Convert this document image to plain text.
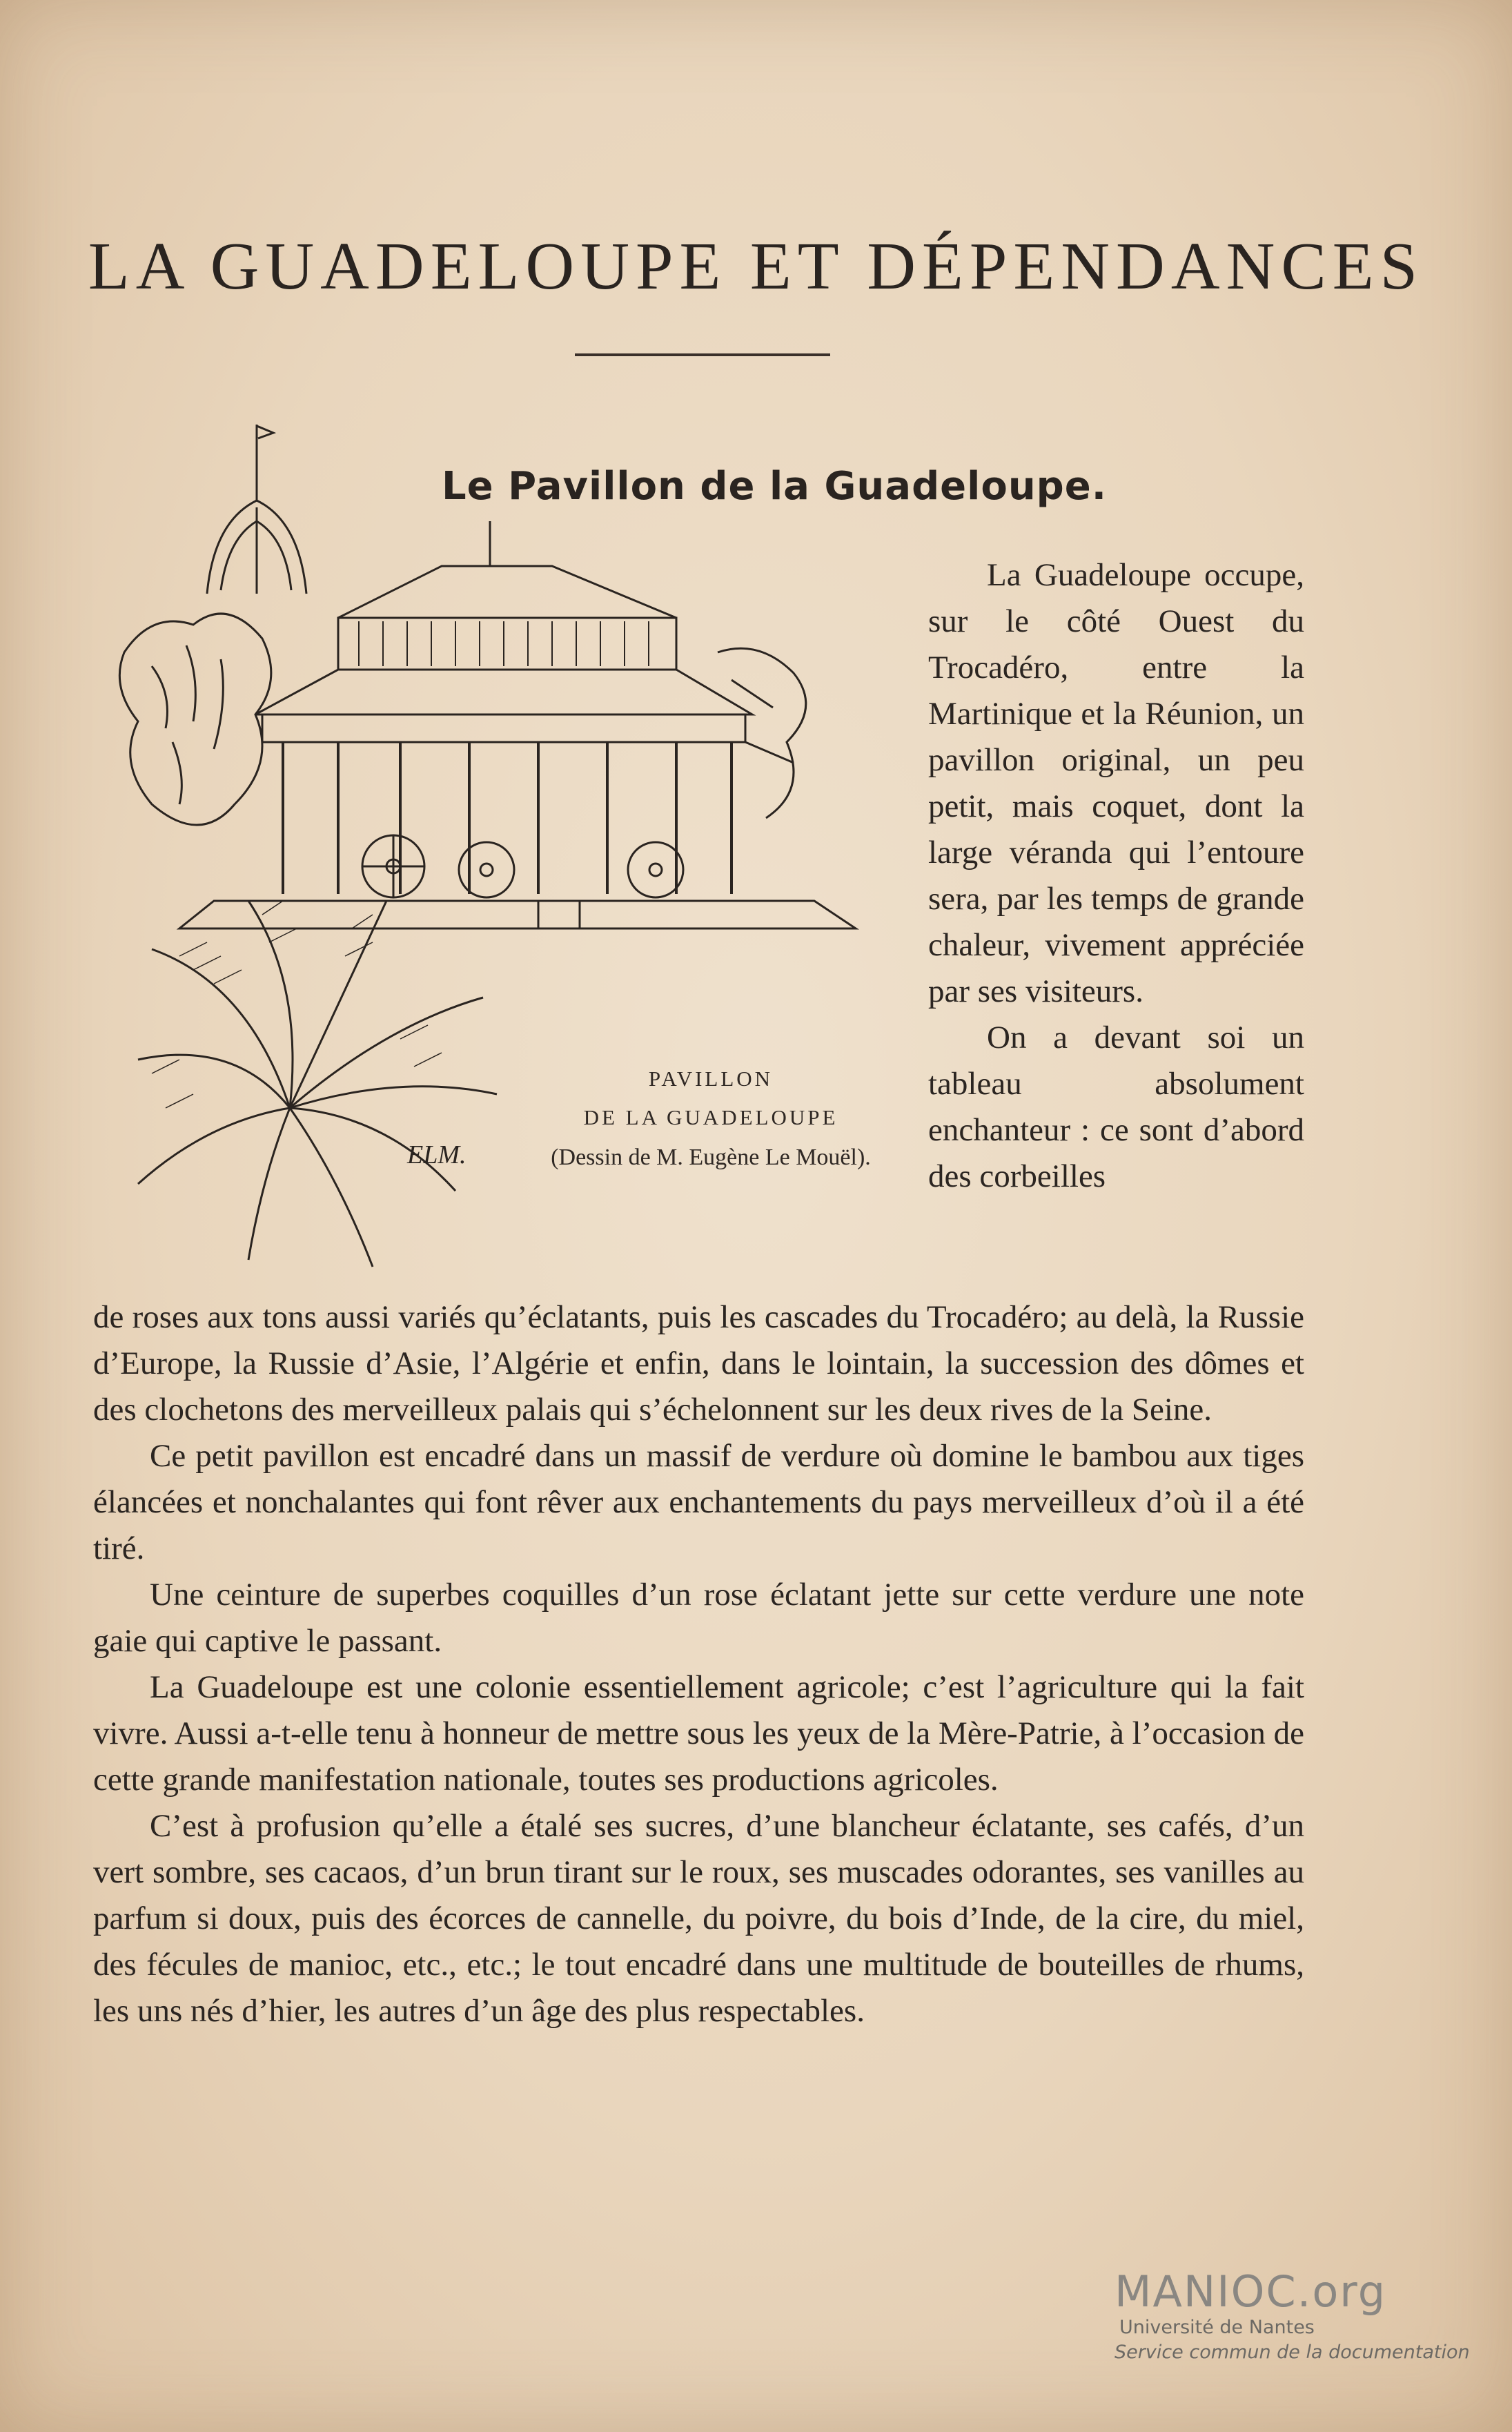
LA GUADELOUPE ET DÉPENDANCES
Le Pavillon de la Guadeloupe.
ELM.
PAVILLON
DE LA GUADELOUPE
(Dessin de M. Eugène Le Mouël).

La Guadeloupe occupe, sur le côté Ouest du Trocadéro, entre la Martinique et la Réunion, un pavillon original, un peu petit, mais coquet, dont la large véranda qui l’entoure sera, par les temps de grande chaleur, vivement appréciée par ses visiteurs.

On a devant soi un tableau absolument enchanteur : ce sont d’abord des corbeilles

de roses aux tons aussi variés qu’éclatants, puis les cascades du Trocadéro; au delà, la Russie d’Europe, la Russie d’Asie, l’Algérie et enfin, dans le lointain, la succession des dômes et des clochetons des merveilleux palais qui s’échelonnent sur les deux rives de la Seine.

Ce petit pavillon est encadré dans un massif de verdure où domine le bambou aux tiges élancées et nonchalantes qui font rêver aux enchantements du pays merveilleux d’où il a été tiré.

Une ceinture de superbes coquilles d’un rose éclatant jette sur cette verdure une note gaie qui captive le passant.

La Guadeloupe est une colonie essentiellement agricole; c’est l’agriculture qui la fait vivre. Aussi a-t-elle tenu à honneur de mettre sous les yeux de la Mère-Patrie, à l’occasion de cette grande manifestation nationale, toutes ses productions agricoles.

C’est à profusion qu’elle a étalé ses sucres, d’une blancheur éclatante, ses cafés, d’un vert sombre, ses cacaos, d’un brun tirant sur le roux, ses muscades odorantes, ses vanilles au parfum si doux, puis des écorces de cannelle, du poivre, du bois d’Inde, de la cire, du miel, des fécules de manioc, etc., etc.; le tout encadré dans une multitude de bouteilles de rhums, les uns nés d’hier, les autres d’un âge des plus respectables.

MANIOC.org
Université de Nantes
Service commun de la documentation
